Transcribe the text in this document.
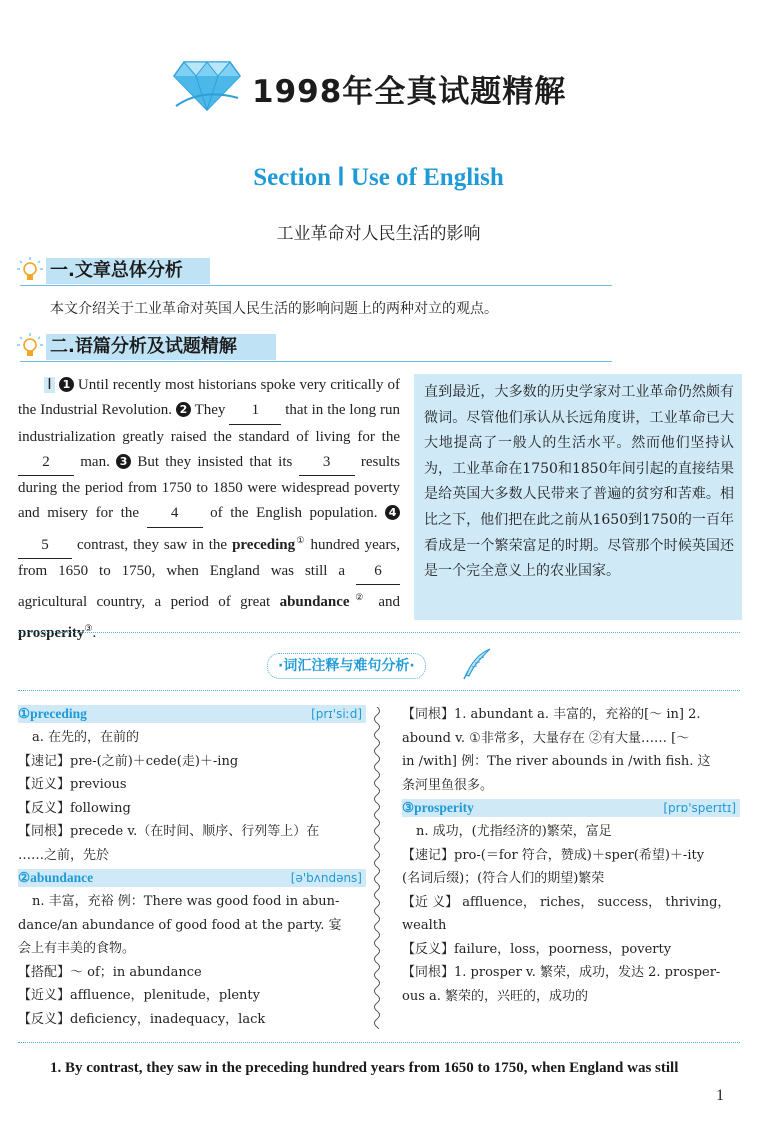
1998年全真试题精解
Section Ⅰ Use of English
工业革命对人民生活的影响
一.文章总体分析
本文介绍关于工业革命对英国人民生活的影响问题上的两种对立的观点。
二.语篇分析及试题精解
Ⅰ 1 Until recently most historians spoke very critically of the Industrial Revolution. 2 They 1 that in the long run industrialization greatly raised the standard of living for the 2 man. 3 But they insisted that its 3 results during the period from 1750 to 1850 were widespread poverty and misery for the 4 of the English population. 4 5 contrast, they saw in the preceding① hundred years, from 1650 to 1750, when England was still a 6 agricultural country, a period of great abundance② and prosperity③.
直到最近，大多数的历史学家对工业革命仍然颇有微词。尽管他们承认从长远角度讲，工业革命已大大地提高了一般人的生活水平。然而他们坚持认为，工业革命在1750和1850年间引起的直接结果是给英国大多数人民带来了普遍的贫穷和苦难。相比之下，他们把在此之前从1650到1750的一百年看成是一个繁荣富足的时期。尽管那个时候英国还是一个完全意义上的农业国家。
·词汇注释与难句分析·
①preceding	[prɪ'siːd]
a. 在先的，在前的
【速记】pre-(之前)＋cede(走)＋-ing
【近义】previous
【反义】following
【同根】precede v.（在时间、顺序、行列等上）在
……之前，先於
②abundance	[ə'bʌndəns]
n. 丰富，充裕 例：There was good food in abun-
dance/an abundance of good food at the party. 宴
会上有丰美的食物。
【搭配】～ of；in abundance
【近义】affluence，plenitude，plenty
【反义】deficiency，inadequacy，lack
【同根】1. abundant a. 丰富的，充裕的[～ in] 2.
abound v. ①非常多，大量存在 ②有大量…… [～
in /with] 例：The river abounds in /with fish. 这
条河里鱼很多。
③prosperity	[prɒ'sperɪtɪ]
n. 成功，(尤指经济的)繁荣，富足
【速记】pro-(＝for 符合，赞成)＋sper(希望)＋-ity
(名词后缀)；(符合人们的期望)繁荣
【近 义】 affluence， riches， success， thriving，
wealth
【反义】failure，loss，poorness，poverty
【同根】1. prosper v. 繁荣，成功，发达 2. prosper-
ous a. 繁荣的，兴旺的，成功的
1. By contrast, they saw in the preceding hundred years from 1650 to 1750, when England was still
1
